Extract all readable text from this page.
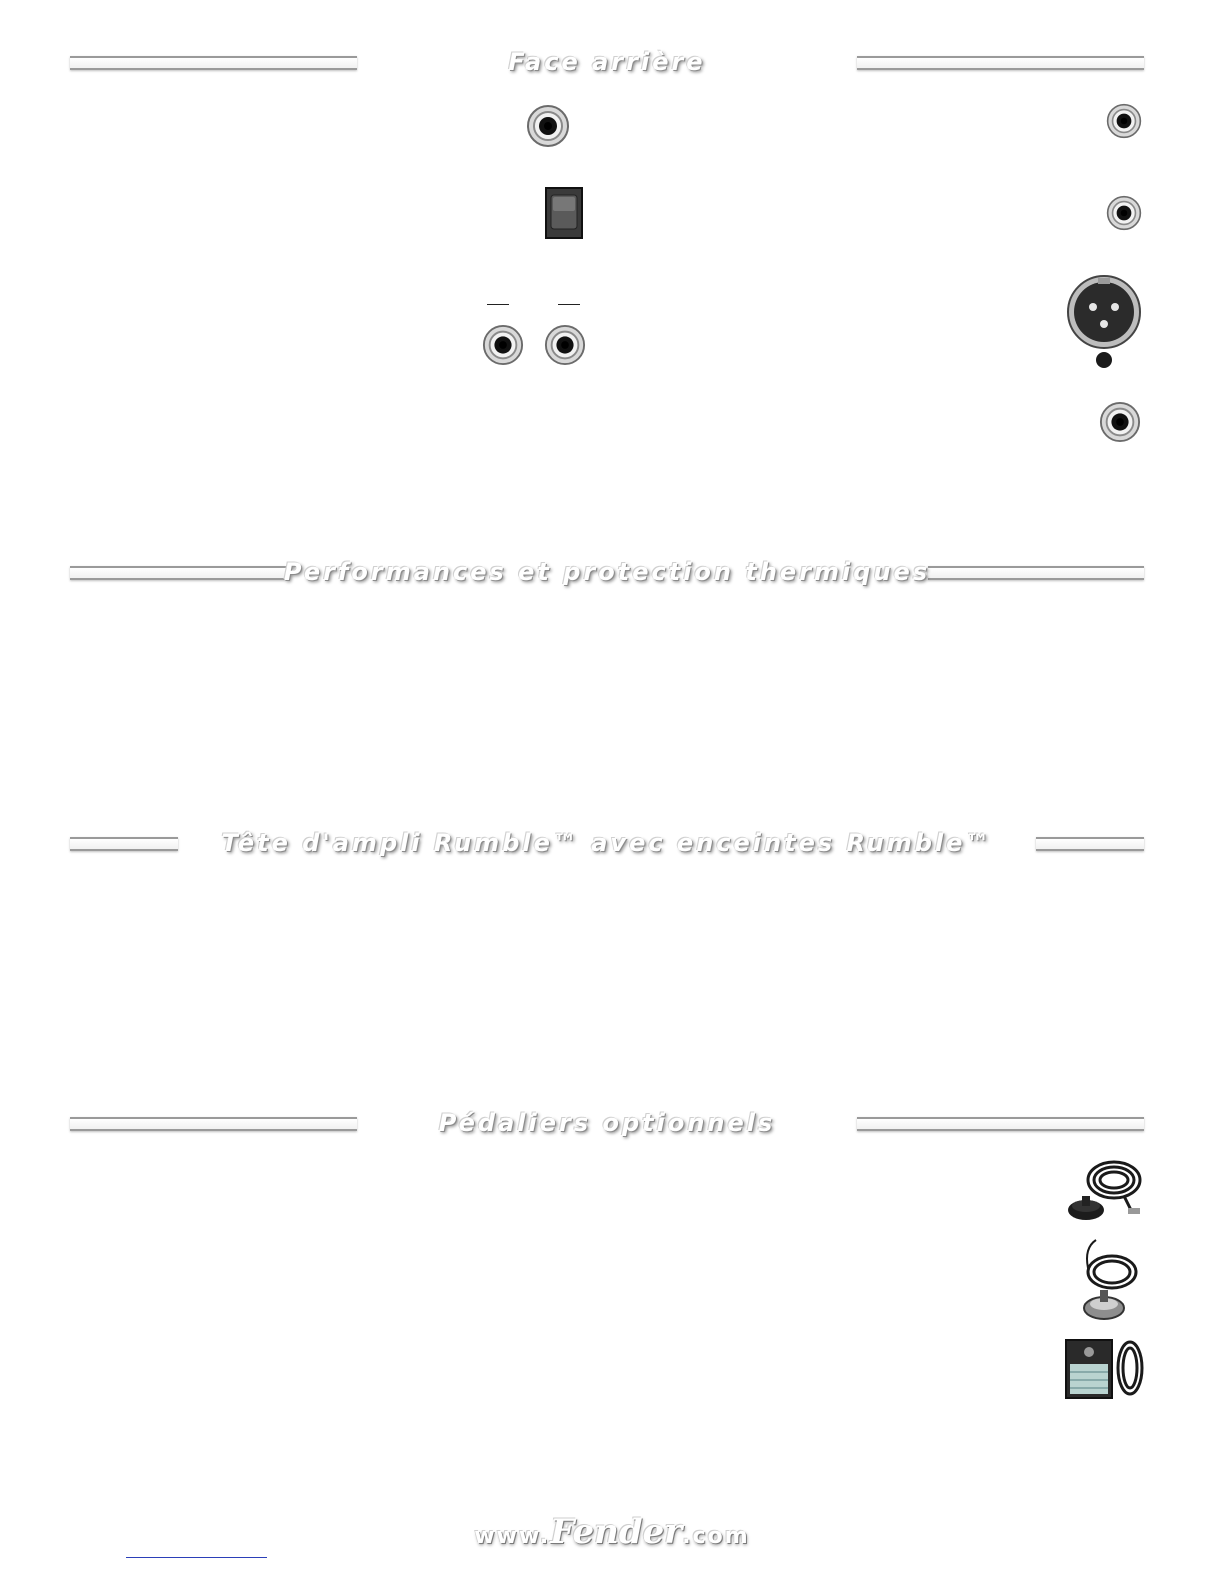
Face arrière
Performances et protection thermiques
Tête d'ampli Rumble™ avec enceintes Rumble™
Pédaliers optionnels
www.Fender.com
